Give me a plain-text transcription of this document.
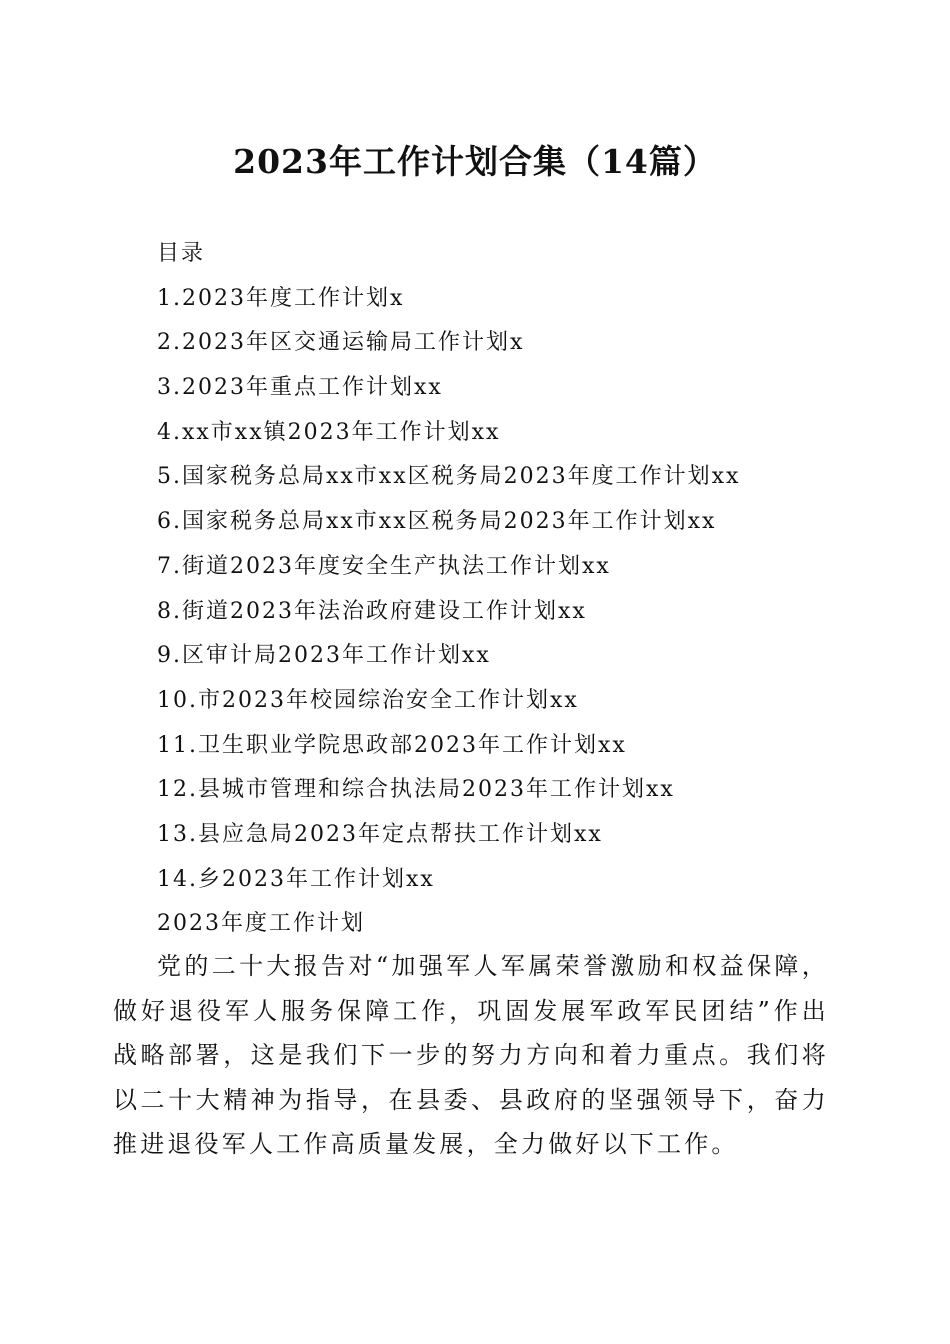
2023年工作计划合集（14篇）
目录
1.2023年度工作计划x
2.2023年区交通运输局工作计划x
3.2023年重点工作计划xx
4.xx市xx镇2023年工作计划xx
5.国家税务总局xx市xx区税务局2023年度工作计划xx
6.国家税务总局xx市xx区税务局2023年工作计划xx
7.街道2023年度安全生产执法工作计划xx
8.街道2023年法治政府建设工作计划xx
9.区审计局2023年工作计划xx
10.市2023年校园综治安全工作计划xx
11.卫生职业学院思政部2023年工作计划xx
12.县城市管理和综合执法局2023年工作计划xx
13.县应急局2023年定点帮扶工作计划xx
14.乡2023年工作计划xx
2023年度工作计划

党的二十大报告对“加强军人军属荣誉激励和权益保障，做好退役军人服务保障工作，巩固发展军政军民团结”作出战略部署，这是我们下一步的努力方向和着力重点。我们将以二十大精神为指导，在县委、县政府的坚强领导下，奋力推进退役军人工作高质量发展，全力做好以下工作。
